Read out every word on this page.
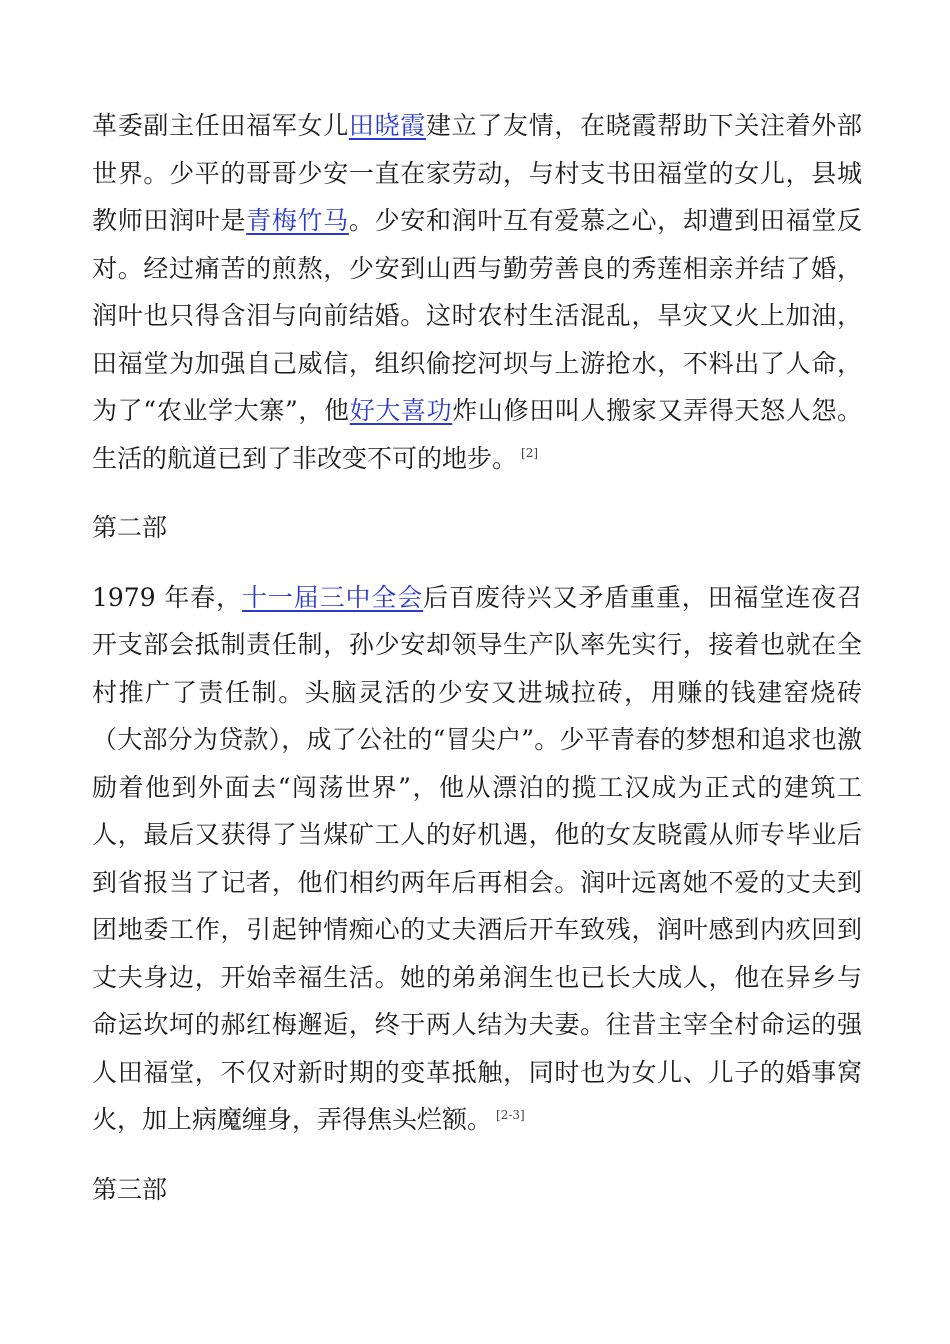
革委副主任田福军女儿田晓霞建立了友情，在晓霞帮助下关注着外部世界。少平的哥哥少安一直在家劳动，与村支书田福堂的女儿，县城教师田润叶是青梅竹马。少安和润叶互有爱慕之心，却遭到田福堂反对。经过痛苦的煎熬，少安到山西与勤劳善良的秀莲相亲并结了婚，润叶也只得含泪与向前结婚。这时农村生活混乱，旱灾又火上加油，田福堂为加强自己威信，组织偷挖河坝与上游抢水，不料出了人命，为了“农业学大寨”，他好大喜功炸山修田叫人搬家又弄得天怒人怨。生活的航道已到了非改变不可的地步。 [2]

第二部

1979 年春，十一届三中全会后百废待兴又矛盾重重，田福堂连夜召开支部会抵制责任制，孙少安却领导生产队率先实行，接着也就在全村推广了责任制。头脑灵活的少安又进城拉砖，用赚的钱建窑烧砖（大部分为贷款），成了公社的“冒尖户”。少平青春的梦想和追求也激励着他到外面去“闯荡世界”，他从漂泊的揽工汉成为正式的建筑工人，最后又获得了当煤矿工人的好机遇，他的女友晓霞从师专毕业后到省报当了记者，他们相约两年后再相会。润叶远离她不爱的丈夫到团地委工作，引起钟情痴心的丈夫酒后开车致残，润叶感到内疚回到丈夫身边，开始幸福生活。她的弟弟润生也已长大成人，他在异乡与命运坎坷的郝红梅邂逅，终于两人结为夫妻。往昔主宰全村命运的强人田福堂，不仅对新时期的变革抵触，同时也为女儿、儿子的婚事窝火，加上病魔缠身，弄得焦头烂额。 [2-3]

第三部
